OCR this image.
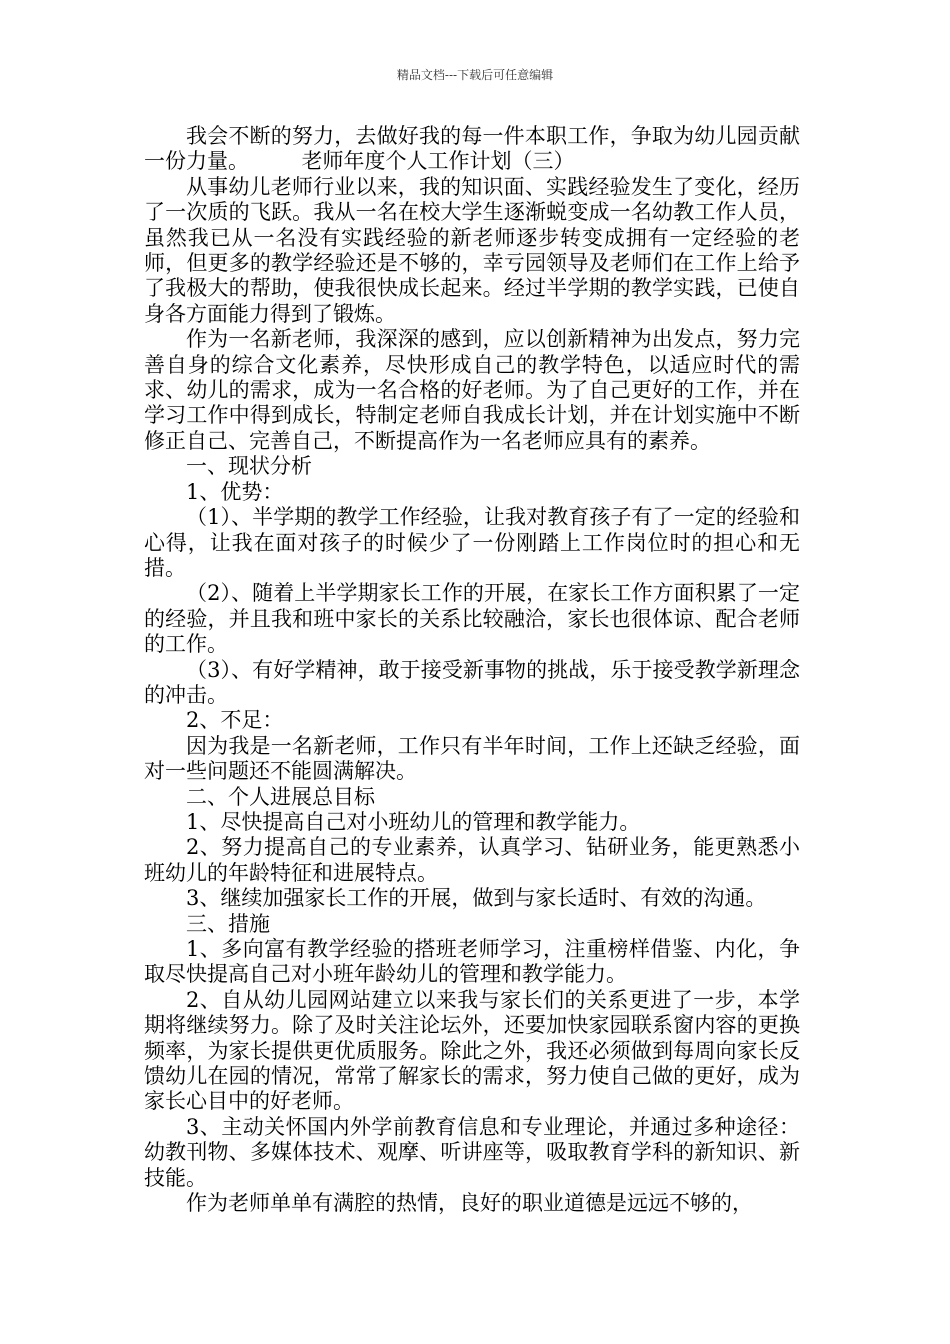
精品文档---下载后可任意编辑

我会不断的努力，去做好我的每一件本职工作，争取为幼儿园贡献一份力量。　　　老师年度个人工作计划（三）

从事幼儿老师行业以来，我的知识面、实践经验发生了变化，经历了一次质的飞跃。我从一名在校大学生逐渐蜕变成一名幼教工作人员，虽然我已从一名没有实践经验的新老师逐步转变成拥有一定经验的老师，但更多的教学经验还是不够的，幸亏园领导及老师们在工作上给予了我极大的帮助，使我很快成长起来。经过半学期的教学实践，已使自身各方面能力得到了锻炼。

作为一名新老师，我深深的感到，应以创新精神为出发点，努力完善自身的综合文化素养，尽快形成自己的教学特色，以适应时代的需求、幼儿的需求，成为一名合格的好老师。为了自己更好的工作，并在学习工作中得到成长，特制定老师自我成长计划，并在计划实施中不断修正自己、完善自己，不断提高作为一名老师应具有的素养。

一、现状分析

1、优势：

（1）、半学期的教学工作经验，让我对教育孩子有了一定的经验和心得，让我在面对孩子的时候少了一份刚踏上工作岗位时的担心和无措。

（2）、随着上半学期家长工作的开展，在家长工作方面积累了一定的经验，并且我和班中家长的关系比较融洽，家长也很体谅、配合老师的工作。

（3）、有好学精神，敢于接受新事物的挑战，乐于接受教学新理念的冲击。

2、不足：

因为我是一名新老师，工作只有半年时间，工作上还缺乏经验，面对一些问题还不能圆满解决。

二、个人进展总目标

1、尽快提高自己对小班幼儿的管理和教学能力。

2、努力提高自己的专业素养，认真学习、钻研业务，能更熟悉小班幼儿的年龄特征和进展特点。

3、继续加强家长工作的开展，做到与家长适时、有效的沟通。

三、措施

1、多向富有教学经验的搭班老师学习，注重榜样借鉴、内化，争取尽快提高自己对小班年龄幼儿的管理和教学能力。

2、自从幼儿园网站建立以来我与家长们的关系更进了一步，本学期将继续努力。除了及时关注论坛外，还要加快家园联系窗内容的更换频率，为家长提供更优质服务。除此之外，我还必须做到每周向家长反馈幼儿在园的情况，常常了解家长的需求，努力使自己做的更好，成为家长心目中的好老师。

3、主动关怀国内外学前教育信息和专业理论，并通过多种途径：幼教刊物、多媒体技术、观摩、听讲座等，吸取教育学科的新知识、新技能。

作为老师单单有满腔的热情，良好的职业道德是远远不够的，
